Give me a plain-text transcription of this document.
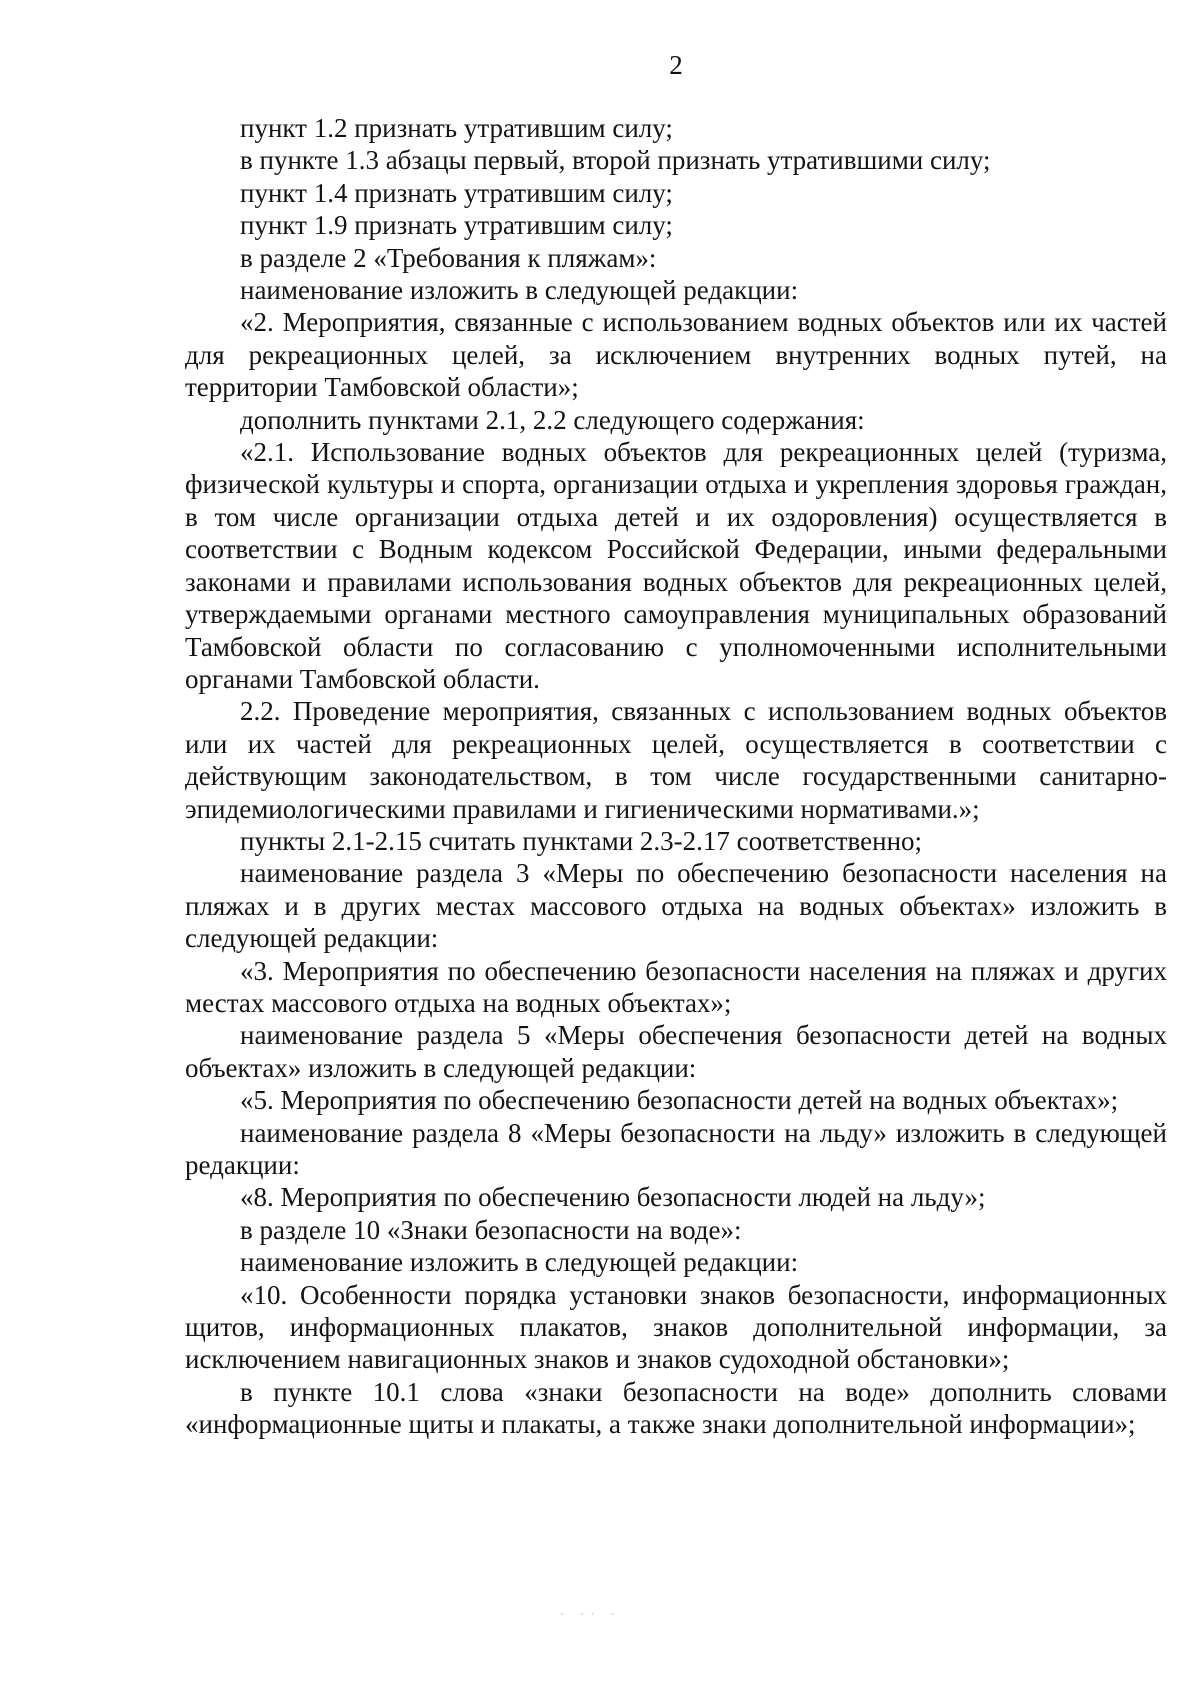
2

пункт 1.2 признать утратившим силу;

в пункте 1.3 абзацы первый, второй признать утратившими силу;

пункт 1.4 признать утратившим силу;

пункт 1.9 признать утратившим силу;

в разделе 2 «Требования к пляжам»:

наименование изложить в следующей редакции:

«2. Мероприятия, связанные с использованием водных объектов или их частей для рекреационных целей, за исключением внутренних водных путей, на территории Тамбовской области»;

дополнить пунктами 2.1, 2.2 следующего содержания:

«2.1. Использование водных объектов для рекреационных целей (туризма, физической культуры и спорта, организации отдыха и укрепления здоровья граждан, в том числе организации отдыха детей и их оздоровления) осуществляется в соответствии с Водным кодексом Российской Федерации, иными федеральными законами и правилами использования водных объектов для рекреационных целей, утверждаемыми органами местного самоуправления муниципальных образований Тамбовской области по согласованию с уполномоченными исполнительными органами Тамбовской области.

2.2. Проведение мероприятия, связанных с использованием водных объектов или их частей для рекреационных целей, осуществляется в соответствии с действующим законодательством, в том числе государственными санитарно-эпидемиологическими правилами и гигиеническими нормативами.»;

пункты 2.1-2.15 считать пунктами 2.3-2.17 соответственно;

наименование раздела 3 «Меры по обеспечению безопасности населения на пляжах и в других местах массового отдыха на водных объектах» изложить в следующей редакции:

«3. Мероприятия по обеспечению безопасности населения на пляжах и других местах массового отдыха на водных объектах»;

наименование раздела 5 «Меры обеспечения безопасности детей на водных объектах» изложить в следующей редакции:

«5. Мероприятия по обеспечению безопасности детей на водных объектах»;

наименование раздела 8 «Меры безопасности на льду» изложить в следующей редакции:

«8. Мероприятия по обеспечению безопасности людей на льду»;

в разделе 10 «Знаки безопасности на воде»:

наименование изложить в следующей редакции:

«10. Особенности порядка установки знаков безопасности, информационных щитов, информационных плакатов, знаков дополнительной информации, за исключением навигационных знаков и знаков судоходной обстановки»;

в пункте 10.1 слова «знаки безопасности на воде» дополнить словами «информационные щиты и плакаты, а также знаки дополнительной информации»;

· ·· ·
